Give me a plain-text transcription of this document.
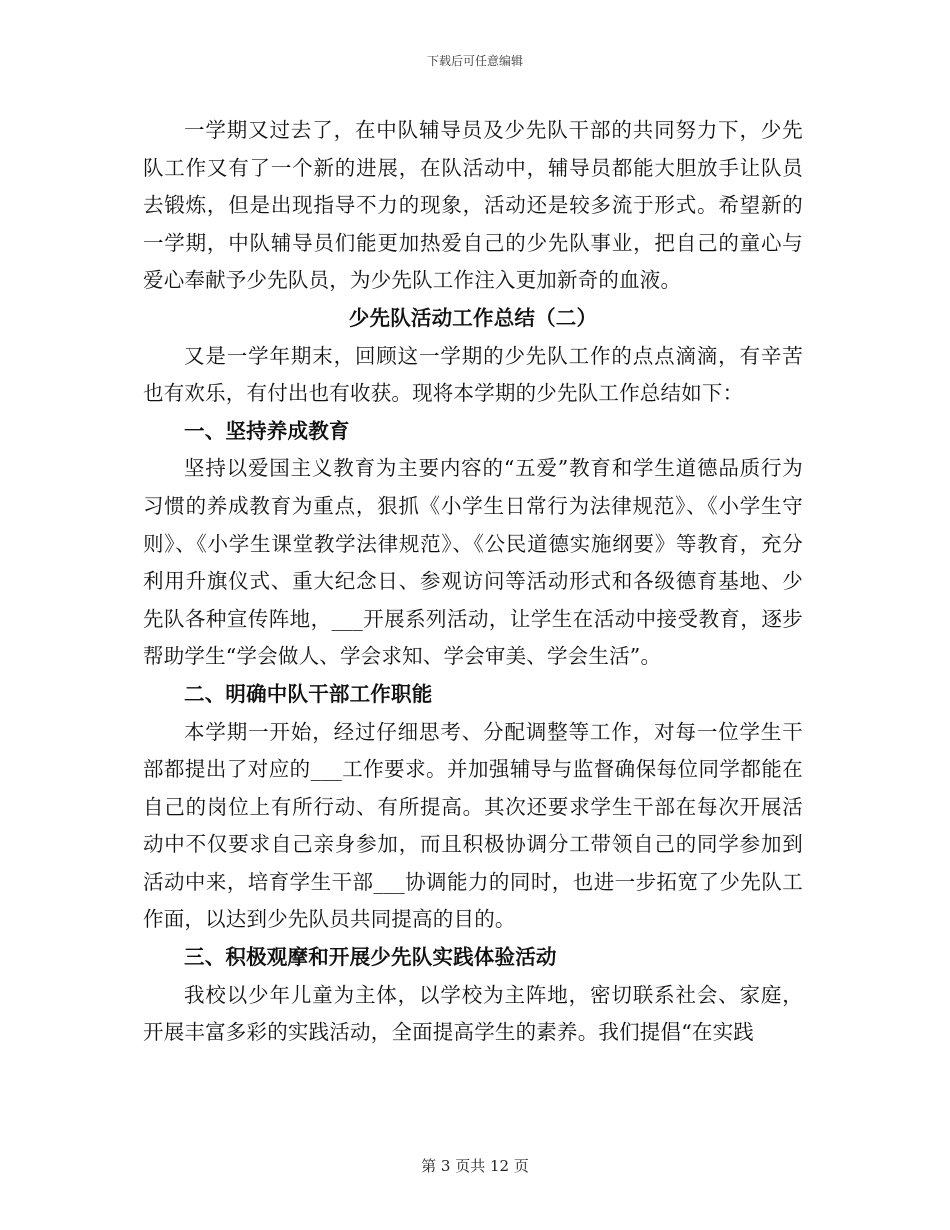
下载后可任意编辑

一学期又过去了，在中队辅导员及少先队干部的共同努力下，少先队工作又有了一个新的进展，在队活动中，辅导员都能大胆放手让队员去锻炼，但是出现指导不力的现象，活动还是较多流于形式。希望新的一学期，中队辅导员们能更加热爱自己的少先队事业，把自己的童心与爱心奉献予少先队员，为少先队工作注入更加新奇的血液。

少先队活动工作总结（二）

又是一学年期末，回顾这一学期的少先队工作的点点滴滴，有辛苦也有欢乐，有付出也有收获。现将本学期的少先队工作总结如下：

一、坚持养成教育

坚持以爱国主义教育为主要内容的“五爱”教育和学生道德品质行为习惯的养成教育为重点，狠抓《小学生日常行为法律规范》、《小学生守则》、《小学生课堂教学法律规范》、《公民道德实施纲要》等教育，充分利用升旗仪式、重大纪念日、参观访问等活动形式和各级德育基地、少先队各种宣传阵地，___开展系列活动，让学生在活动中接受教育，逐步帮助学生“学会做人、学会求知、学会审美、学会生活”。

二、明确中队干部工作职能

本学期一开始，经过仔细思考、分配调整等工作，对每一位学生干部都提出了对应的___工作要求。并加强辅导与监督确保每位同学都能在自己的岗位上有所行动、有所提高。其次还要求学生干部在每次开展活动中不仅要求自己亲身参加，而且积极协调分工带领自己的同学参加到活动中来，培育学生干部___协调能力的同时，也进一步拓宽了少先队工作面，以达到少先队员共同提高的目的。

三、积极观摩和开展少先队实践体验活动

我校以少年儿童为主体，以学校为主阵地，密切联系社会、家庭，开展丰富多彩的实践活动，全面提高学生的素养。我们提倡“在实践

第 3 页共 12 页
